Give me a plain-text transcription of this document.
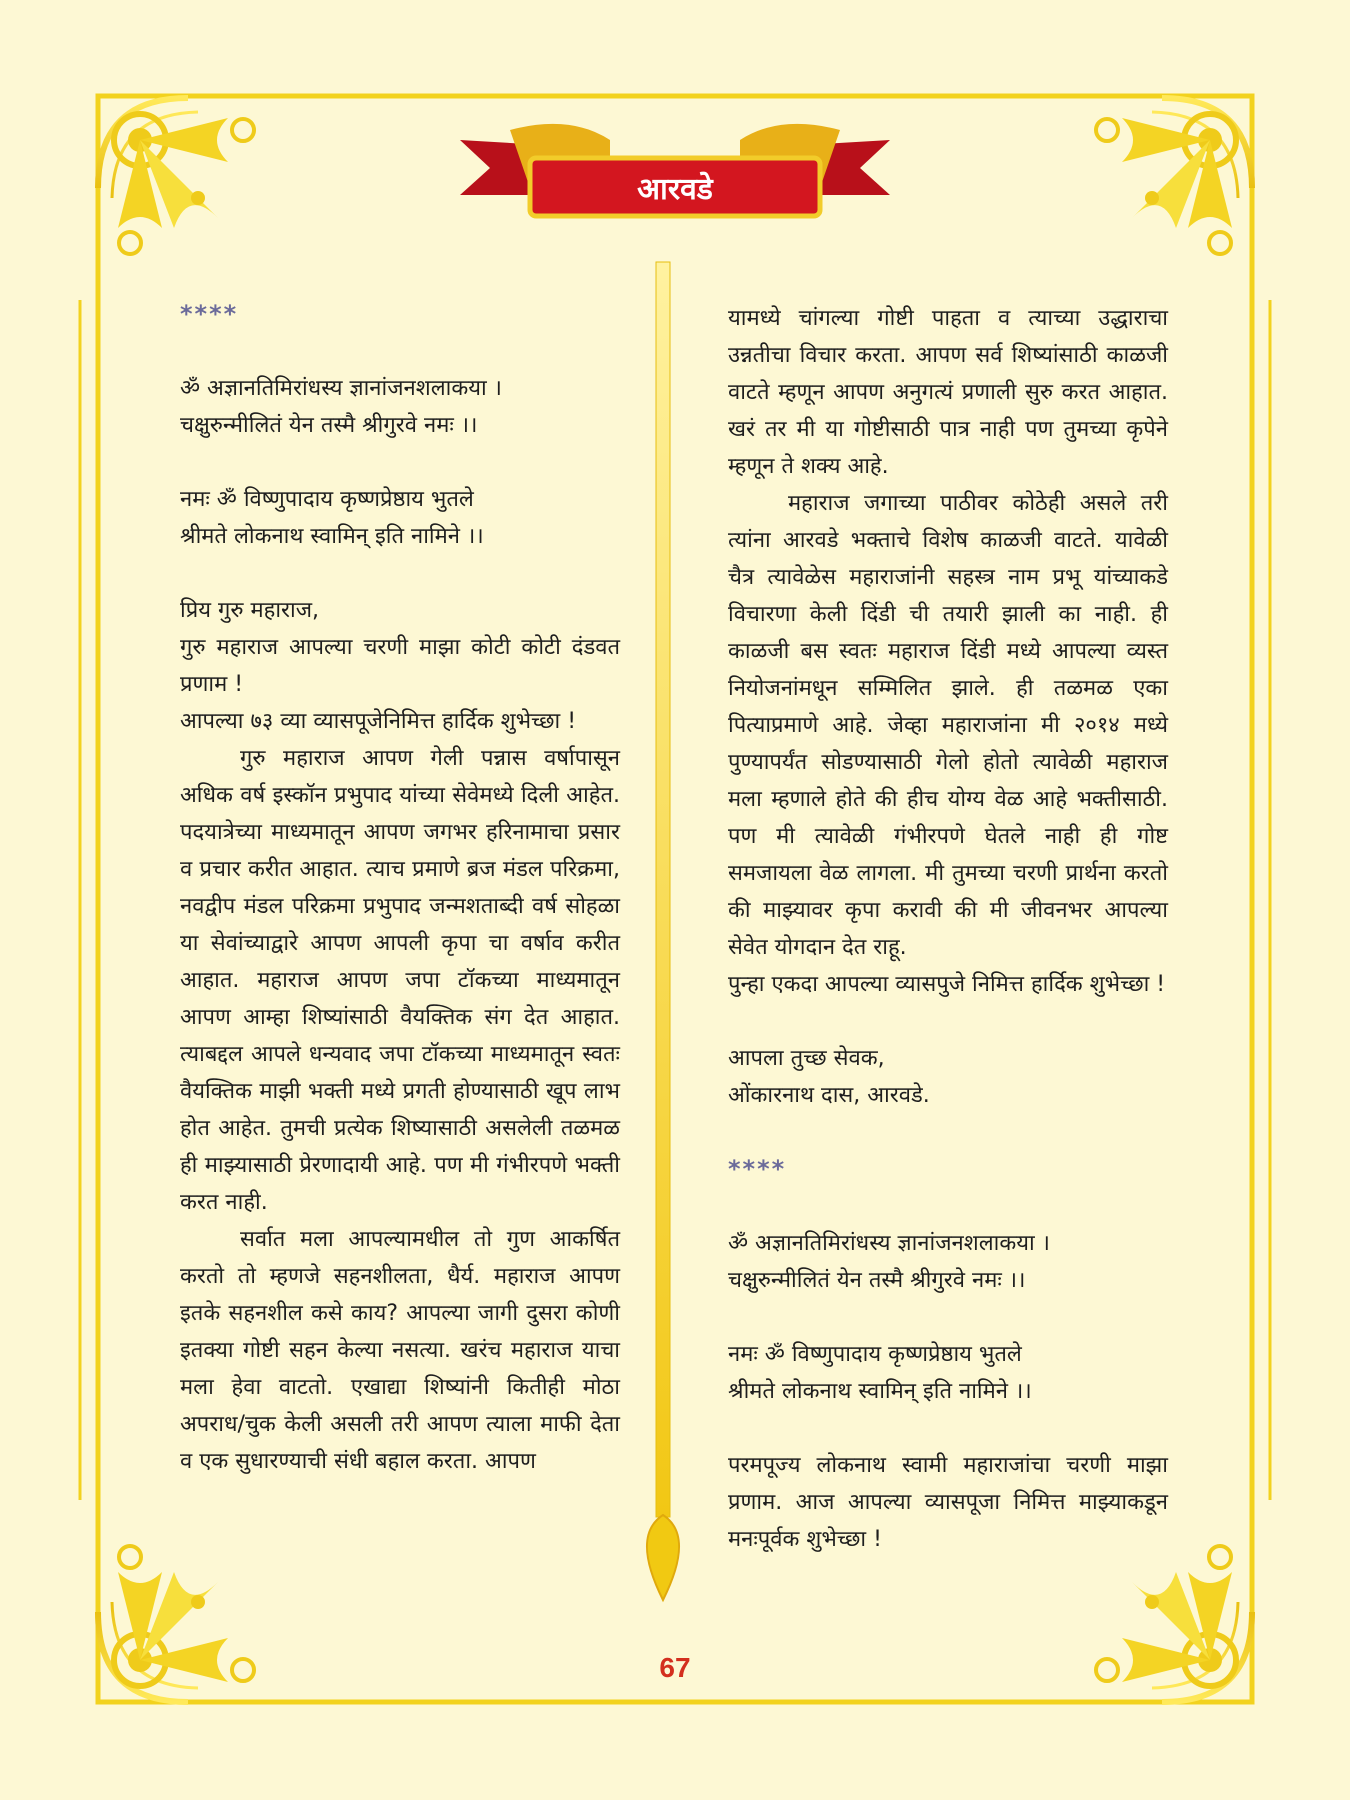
आरवडे

****

ॐ अज्ञानतिमिरांधस्य ज्ञानांजनशलाकया ।

चक्षुरुन्मीलितं येन तस्मै श्रीगुरवे नमः ।।

नमः ॐ विष्णुपादाय कृष्णप्रेष्ठाय भुतले

श्रीमते लोकनाथ स्वामिन् इति नामिने ।।

प्रिय गुरु महाराज,

गुरु महाराज आपल्या चरणी माझा कोटी कोटी दंडवत प्रणाम !

आपल्या ७३ व्या व्यासपूजेनिमित्त हार्दिक शुभेच्छा !

गुरु महाराज आपण गेली पन्नास वर्षापासून अधिक वर्ष इस्कॉन प्रभुपाद यांच्या सेवेमध्ये दिली आहेत. पदयात्रेच्या माध्यमातून आपण जगभर हरिनामाचा प्रसार व प्रचार करीत आहात. त्याच प्रमाणे ब्रज मंडल परिक्रमा, नवद्वीप मंडल परिक्रमा प्रभुपाद जन्मशताब्दी वर्ष सोहळा या सेवांच्याद्वारे आपण आपली कृपा चा वर्षाव करीत आहात. महाराज आपण जपा टॉकच्या माध्यमातून आपण आम्हा शिष्यांसाठी वैयक्तिक संग देत आहात. त्याबद्दल आपले धन्यवाद जपा टॉकच्या माध्यमातून स्वतः वैयक्तिक माझी भक्ती मध्ये प्रगती होण्यासाठी खूप लाभ होत आहेत. तुमची प्रत्येक शिष्यासाठी असलेली तळमळ ही माझ्यासाठी प्रेरणादायी आहे. पण मी गंभीरपणे भक्ती करत नाही.

सर्वात मला आपल्यामधील तो गुण आकर्षित करतो तो म्हणजे सहनशीलता, धैर्य. महाराज आपण इतके सहनशील कसे काय? आपल्या जागी दुसरा कोणी इतक्या गोष्टी सहन केल्या नसत्या. खरंच महाराज याचा मला हेवा वाटतो. एखाद्या शिष्यांनी कितीही मोठा अपराध/चुक केली असली तरी आपण त्याला माफी देता व एक सुधारण्याची संधी बहाल करता. आपण

यामध्ये चांगल्या गोष्टी पाहता व त्याच्या उद्धाराचा उन्नतीचा विचार करता. आपण सर्व शिष्यांसाठी काळजी वाटते म्हणून आपण अनुगत्यं प्रणाली सुरु करत आहात. खरं तर मी या गोष्टीसाठी पात्र नाही पण तुमच्या कृपेने म्हणून ते शक्य आहे.

महाराज जगाच्या पाठीवर कोठेही असले तरी त्यांना आरवडे भक्ताचे विशेष काळजी वाटते. यावेळी चैत्र त्यावेळेस महाराजांनी सहस्त्र नाम प्रभू यांच्याकडे विचारणा केली दिंडी ची तयारी झाली का नाही. ही काळजी बस स्वतः महाराज दिंडी मध्ये आपल्या व्यस्त नियोजनांमधून सम्मिलित झाले. ही तळमळ एका पित्याप्रमाणे आहे. जेव्हा महाराजांना मी २०१४ मध्ये पुण्यापर्यंत सोडण्यासाठी गेलो होतो त्यावेळी महाराज मला म्हणाले होते की हीच योग्य वेळ आहे भक्तीसाठी. पण मी त्यावेळी गंभीरपणे घेतले नाही ही गोष्ट समजायला वेळ लागला. मी तुमच्या चरणी प्रार्थना करतो की माझ्यावर कृपा करावी की मी जीवनभर आपल्या सेवेत योगदान देत राहू.

पुन्हा एकदा आपल्या व्यासपुजे निमित्त हार्दिक शुभेच्छा !

आपला तुच्छ सेवक,

ओंकारनाथ दास, आरवडे.

****

ॐ अज्ञानतिमिरांधस्य ज्ञानांजनशलाकया ।

चक्षुरुन्मीलितं येन तस्मै श्रीगुरवे नमः ।।

नमः ॐ विष्णुपादाय कृष्णप्रेष्ठाय भुतले

श्रीमते लोकनाथ स्वामिन् इति नामिने ।।

परमपूज्य लोकनाथ स्वामी महाराजांचा चरणी माझा प्रणाम. आज आपल्या व्यासपूजा निमित्त माझ्याकडून मनःपूर्वक शुभेच्छा !

67
